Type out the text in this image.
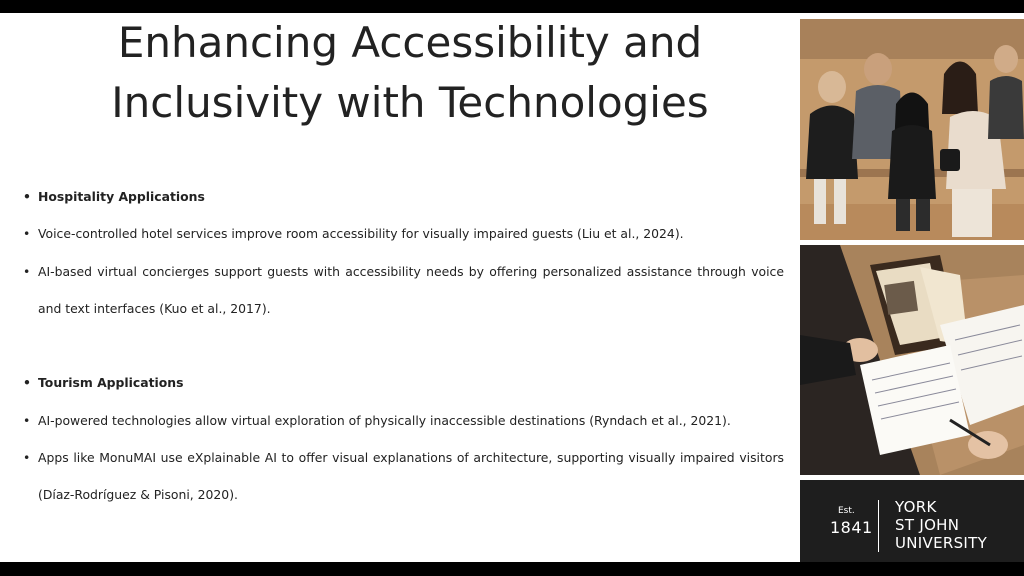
Enhancing Accessibility and
Inclusivity with Technologies
• Hospitality Applications
• Voice-controlled hotel services improve room accessibility for visually impaired guests (Liu et al., 2024).
• AI-based virtual concierges support guests with accessibility needs by offering personalized assistance through voice and text interfaces (Kuo et al., 2017).
• Tourism Applications
• AI-powered technologies allow virtual exploration of physically inaccessible destinations (Ryndach et al., 2021).
• Apps like MonuMAI use eXplainable AI to offer visual explanations of architecture, supporting visually impaired visitors (Díaz-Rodríguez & Pisoni, 2020).
Est.
1841
YORK
ST JOHN
UNIVERSITY
